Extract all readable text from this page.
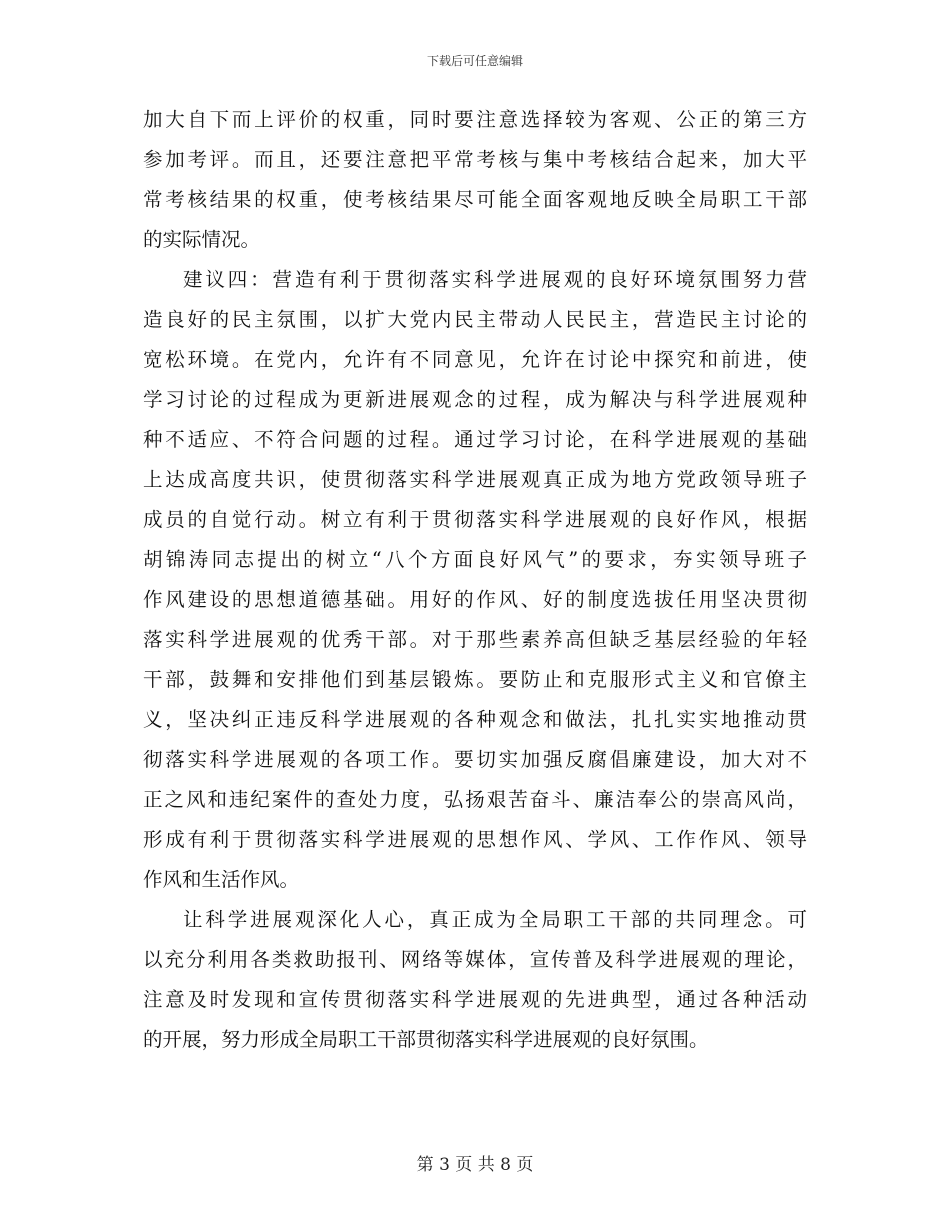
下载后可任意编辑
加大自下而上评价的权重，同时要注意选择较为客观、公正的第三方
参加考评。而且，还要注意把平常考核与集中考核结合起来，加大平
常考核结果的权重，使考核结果尽可能全面客观地反映全局职工干部
的实际情况。
建议四：营造有利于贯彻落实科学进展观的良好环境氛围努力营
造良好的民主氛围，以扩大党内民主带动人民民主，营造民主讨论的
宽松环境。在党内，允许有不同意见，允许在讨论中探究和前进，使
学习讨论的过程成为更新进展观念的过程，成为解决与科学进展观种
种不适应、不符合问题的过程。通过学习讨论，在科学进展观的基础
上达成高度共识，使贯彻落实科学进展观真正成为地方党政领导班子
成员的自觉行动。树立有利于贯彻落实科学进展观的良好作风，根据
胡锦涛同志提出的树立“八个方面良好风气”的要求，夯实领导班子
作风建设的思想道德基础。用好的作风、好的制度选拔任用坚决贯彻
落实科学进展观的优秀干部。对于那些素养高但缺乏基层经验的年轻
干部，鼓舞和安排他们到基层锻炼。要防止和克服形式主义和官僚主
义，坚决纠正违反科学进展观的各种观念和做法，扎扎实实地推动贯
彻落实科学进展观的各项工作。要切实加强反腐倡廉建设，加大对不
正之风和违纪案件的查处力度，弘扬艰苦奋斗、廉洁奉公的崇高风尚，
形成有利于贯彻落实科学进展观的思想作风、学风、工作作风、领导
作风和生活作风。
让科学进展观深化人心，真正成为全局职工干部的共同理念。可
以充分利用各类救助报刊、网络等媒体，宣传普及科学进展观的理论，
注意及时发现和宣传贯彻落实科学进展观的先进典型，通过各种活动
的开展，努力形成全局职工干部贯彻落实科学进展观的良好氛围。
第 3 页 共 8 页
